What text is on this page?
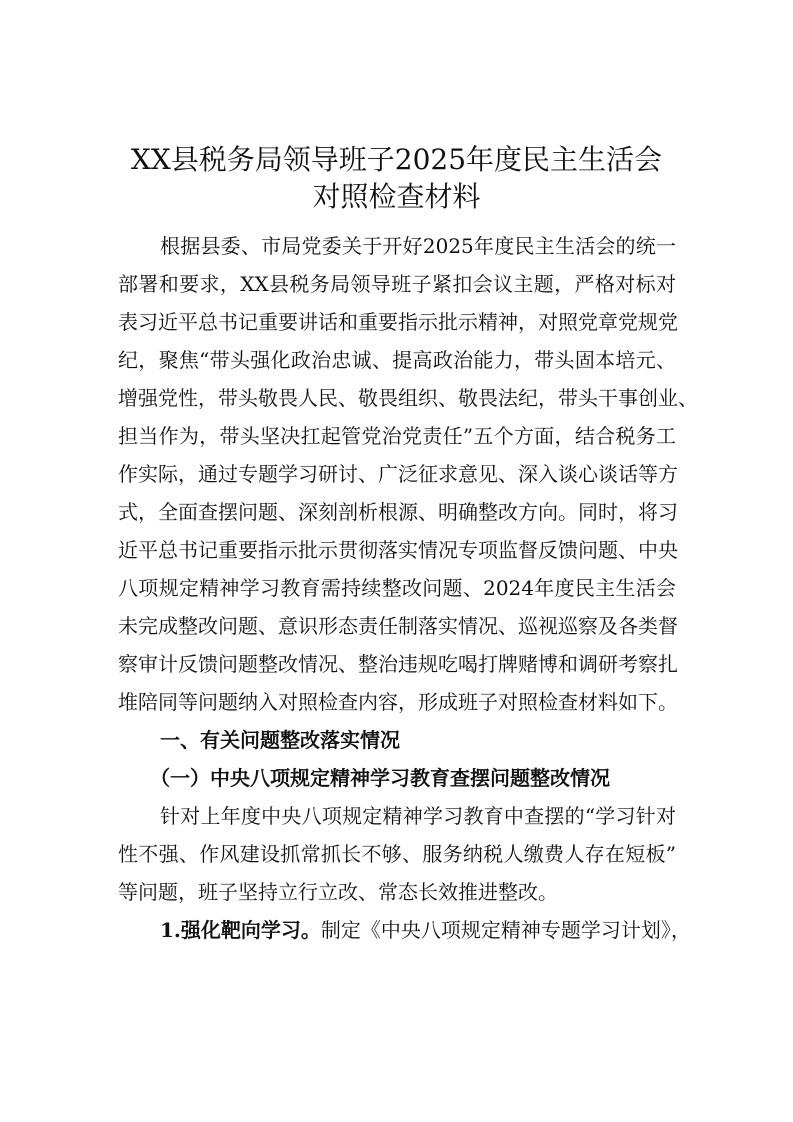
XX县税务局领导班子2025年度民主生活会
对照检查材料
根据县委、市局党委关于开好2025年度民主生活会的统一
部署和要求，XX县税务局领导班子紧扣会议主题，严格对标对
表习近平总书记重要讲话和重要指示批示精神，对照党章党规党
纪，聚焦“带头强化政治忠诚、提高政治能力，带头固本培元、
增强党性，带头敬畏人民、敬畏组织、敬畏法纪，带头干事创业、
担当作为，带头坚决扛起管党治党责任”五个方面，结合税务工
作实际，通过专题学习研讨、广泛征求意见、深入谈心谈话等方
式，全面查摆问题、深刻剖析根源、明确整改方向。同时，将习
近平总书记重要指示批示贯彻落实情况专项监督反馈问题、中央
八项规定精神学习教育需持续整改问题、2024年度民主生活会
未完成整改问题、意识形态责任制落实情况、巡视巡察及各类督
察审计反馈问题整改情况、整治违规吃喝打牌赌博和调研考察扎
堆陪同等问题纳入对照检查内容，形成班子对照检查材料如下。
一、有关问题整改落实情况
（一）中央八项规定精神学习教育查摆问题整改情况
针对上年度中央八项规定精神学习教育中查摆的“学习针对
性不强、作风建设抓常抓长不够、服务纳税人缴费人存在短板”
等问题，班子坚持立行立改、常态长效推进整改。
1.强化靶向学习。制定《中央八项规定精神专题学习计划》，
